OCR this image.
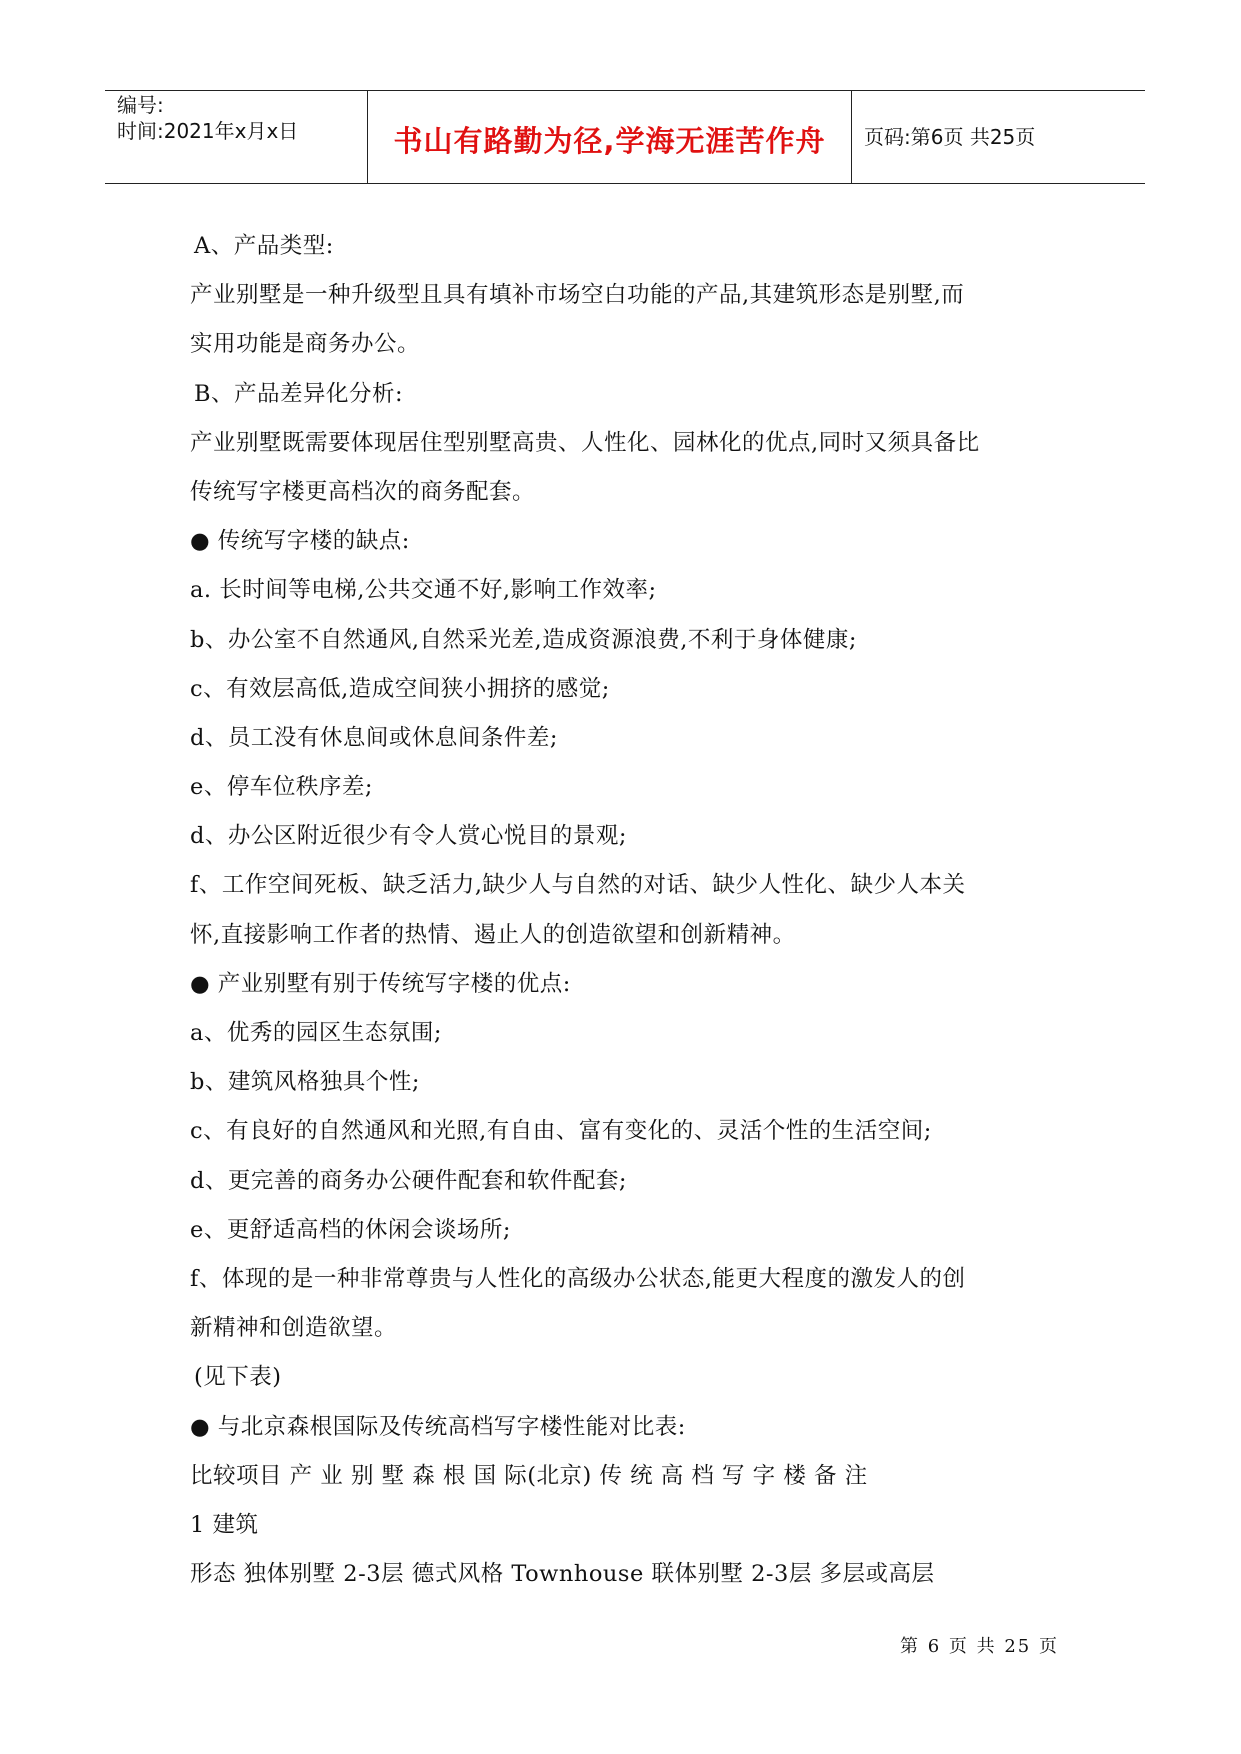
编号:
时间:2021年x月x日	书山有路勤为径,学海无涯苦作舟	页码:第6页 共25页
A、产品类型:
产业别墅是一种升级型且具有填补市场空白功能的产品,其建筑形态是别墅,而
实用功能是商务办公。
B、产品差异化分析:
产业别墅既需要体现居住型别墅高贵、人性化、园林化的优点,同时又须具备比
传统写字楼更高档次的商务配套。
● 传统写字楼的缺点:
a. 长时间等电梯,公共交通不好,影响工作效率;
b、办公室不自然通风,自然采光差,造成资源浪费,不利于身体健康;
c、有效层高低,造成空间狭小拥挤的感觉;
d、员工没有休息间或休息间条件差;
e、停车位秩序差;
d、办公区附近很少有令人赏心悦目的景观;
f、工作空间死板、缺乏活力,缺少人与自然的对话、缺少人性化、缺少人本关
怀,直接影响工作者的热情、遏止人的创造欲望和创新精神。
● 产业别墅有别于传统写字楼的优点:
a、优秀的园区生态氛围;
b、建筑风格独具个性;
c、有良好的自然通风和光照,有自由、富有变化的、灵活个性的生活空间;
d、更完善的商务办公硬件配套和软件配套;
e、更舒适高档的休闲会谈场所;
f、体现的是一种非常尊贵与人性化的高级办公状态,能更大程度的激发人的创
新精神和创造欲望。
(见下表)
● 与北京森根国际及传统高档写字楼性能对比表:
比较项目 产 业 别 墅 森 根 国 际(北京) 传 统 高 档 写 字 楼 备 注
1 建筑
形态 独体别墅 2-3层 德式风格 Townhouse 联体别墅 2-3层 多层或高层
第 6 页 共 25 页
